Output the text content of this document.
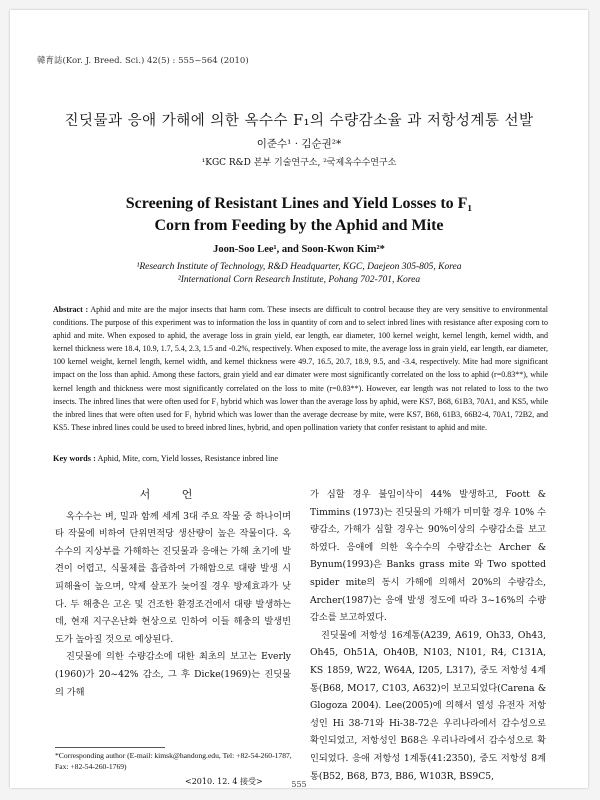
韓育誌(Kor. J. Breed. Sci.) 42(5) : 555~564 (2010)
진딧물과 응애 가해에 의한 옥수수 F₁의 수량감소율 과 저항성계통 선발
이준수¹ · 김순권²*
¹KGC R&D 본부 기술연구소, ²국제옥수수연구소
Screening of Resistant Lines and Yield Losses to F₁
Corn from Feeding by the Aphid and Mite
Joon-Soo Lee¹, and Soon-Kwon Kim²*
¹Research Institute of Technology, R&D Headquarter, KGC, Daejeon 305-805, Korea
²International Corn Research Institute, Pohang 702-701, Korea
Abstract : Aphid and mite are the major insects that harm corn. These insects are difficult to control because they are very sensitive to environmental conditions. The purpose of this experiment was to information the loss in quantity of corn and to select inbred lines with resistance after exposing corn to aphid and mite. When exposed to aphid, the average loss in grain yield, ear length, ear diameter, 100 kernel weight, kernel length, kernel width, and kernel thickness were 18.4, 10.9, 1.7, 5.4, 2.3, 1.5 and -0.2%, respectively. When exposed to mite, the average loss in grain yield, ear length, ear diameter, 100 kernel weight, kernel length, kernel width, and kernel thickness were 49.7, 16.5, 20.7, 18.9, 9.5, and -3.4, respectively. Mite had more significant impact on the loss than aphid. Among these factors, grain yield and ear dimater were most significantly correlated on the loss to aphid (r=0.83**), while kernel length and thickness were most significantly correlated on the loss to mite (r=0.83**). However, ear length was not related to loss to the two insects. The inbred lines that were often used for F₁ hybrid which was lower than the average loss by aphid, were KS7, B68, 61B3, 70A1, and KS5, while the inbred lines that were often used for F₁ hybrid which was lower than the average decrease by mite, were KS7, B68, 61B3, 66B2-4, 70A1, 72B2, and KS5. These inbred lines could be used to breed inbred lines, hybrid, and open pollination variety that confer resistant to aphid and mite.
Key words : Aphid, Mite, corn, Yield losses, Resistance inbred line
서 언

옥수수는 벼, 밀과 함께 세계 3대 주요 작물 중 하나이며 타 작물에 비하여 단위면적당 생산량이 높은 작물이다. 옥수수의 지상부를 가해하는 진딧물과 응애는 가해 초기에 발견이 어렵고, 식물체를 흡즙하여 가해함으로 대량 발생 시 피해율이 높으며, 약제 살포가 늦어질 경우 방제효과가 낮다. 두 해충은 고온 및 건조한 환경조건에서 대량 발생하는데, 현재 지구온난화 현상으로 인하여 이들 해충의 발생빈도가 높아질 것으로 예상된다.

진딧물에 의한 수량감소에 대한 최초의 보고는 Everly (1960)가 20~42% 감소, 그 후 Dicke(1969)는 진딧물의 가해

가 심할 경우 불임이삭이 44% 발생하고, Foott & Timmins (1973)는 진딧물의 가해가 미미할 경우 10% 수량감소, 가해가 심할 경우는 90%이상의 수량감소를 보고하였다. 응애에 의한 옥수수의 수량감소는 Archer & Bynum(1993)은 Banks grass mite 와 Two spotted spider mite의 동시 가해에 의해서 20%의 수량감소, Archer(1987)는 응애 발생 정도에 따라 3~16%의 수량감소를 보고하였다.

진딧물에 저항성 16계통(A239, A619, Oh33, Oh43, Oh45, Oh51A, Oh40B, N103, N101, R4, C131A, KS 1859, W22, W64A, I205, L317), 중도 저항성 4계통(B68, MO17, C103, A632)이 보고되었다(Carena & Glogoza 2004). Lee(2005)에 의해서 열성 유전자 저항성인 Hi 38-71와 Hi-38-72은 우리나라에서 감수성으로 확인되었고, 저항성인 B68은 우리나라에서 감수성으로 확인되었다. 응애 저항성 1계통(41:2350), 중도 저항성 8계통(B52, B68, B73, B86, W103R, BS9C5,

*Corresponding author (E-mail: kimsk@handong.edu, Tel: +82-54-260-1787, Fax: +82-54-260-1769)
<2010. 12. 4 接受>	555
